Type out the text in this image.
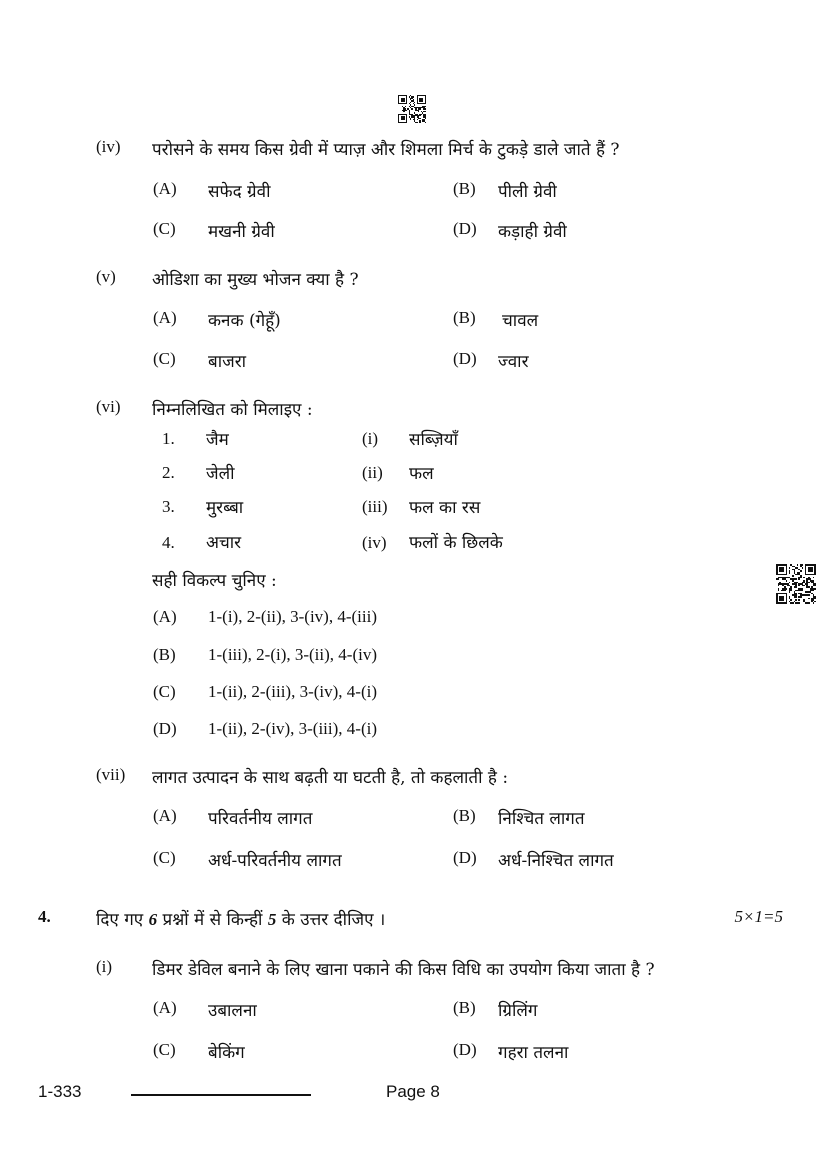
(iv) परोसने के समय किस ग्रेवी में प्याज़ और शिमला मिर्च के टुकड़े डाले जाते हैं ?
(A) सफेद ग्रेवी	(B) पीली ग्रेवी
(C) मखनी ग्रेवी	(D) कड़ाही ग्रेवी
(v) ओडिशा का मुख्य भोजन क्या है ?
(A) कनक (गेहूँ)	(B) चावल
(C) बाजरा	(D) ज्वार
(vi) निम्नलिखित को मिलाइए :
1. जैम	(i) सब्ज़ियाँ
2. जेली	(ii) फल
3. मुरब्बा	(iii) फल का रस
4. अचार	(iv) फलों के छिलके
सही विकल्प चुनिए :
(A) 1-(i), 2-(ii), 3-(iv), 4-(iii)
(B) 1-(iii), 2-(i), 3-(ii), 4-(iv)
(C) 1-(ii), 2-(iii), 3-(iv), 4-(i)
(D) 1-(ii), 2-(iv), 3-(iii), 4-(i)
(vii) लागत उत्पादन के साथ बढ़ती या घटती है, तो कहलाती है :
(A) परिवर्तनीय लागत	(B) निश्चित लागत
(C) अर्ध-परिवर्तनीय लागत	(D) अर्ध-निश्चित लागत
4.	दिए गए 6 प्रश्नों में से किन्हीं 5 के उत्तर दीजिए ।	5×1=5
(i) डिमर डेविल बनाने के लिए खाना पकाने की किस विधि का उपयोग किया जाता है ?
(A) उबालना	(B) ग्रिलिंग
(C) बेकिंग	(D) गहरा तलना
1-333	Page 8
